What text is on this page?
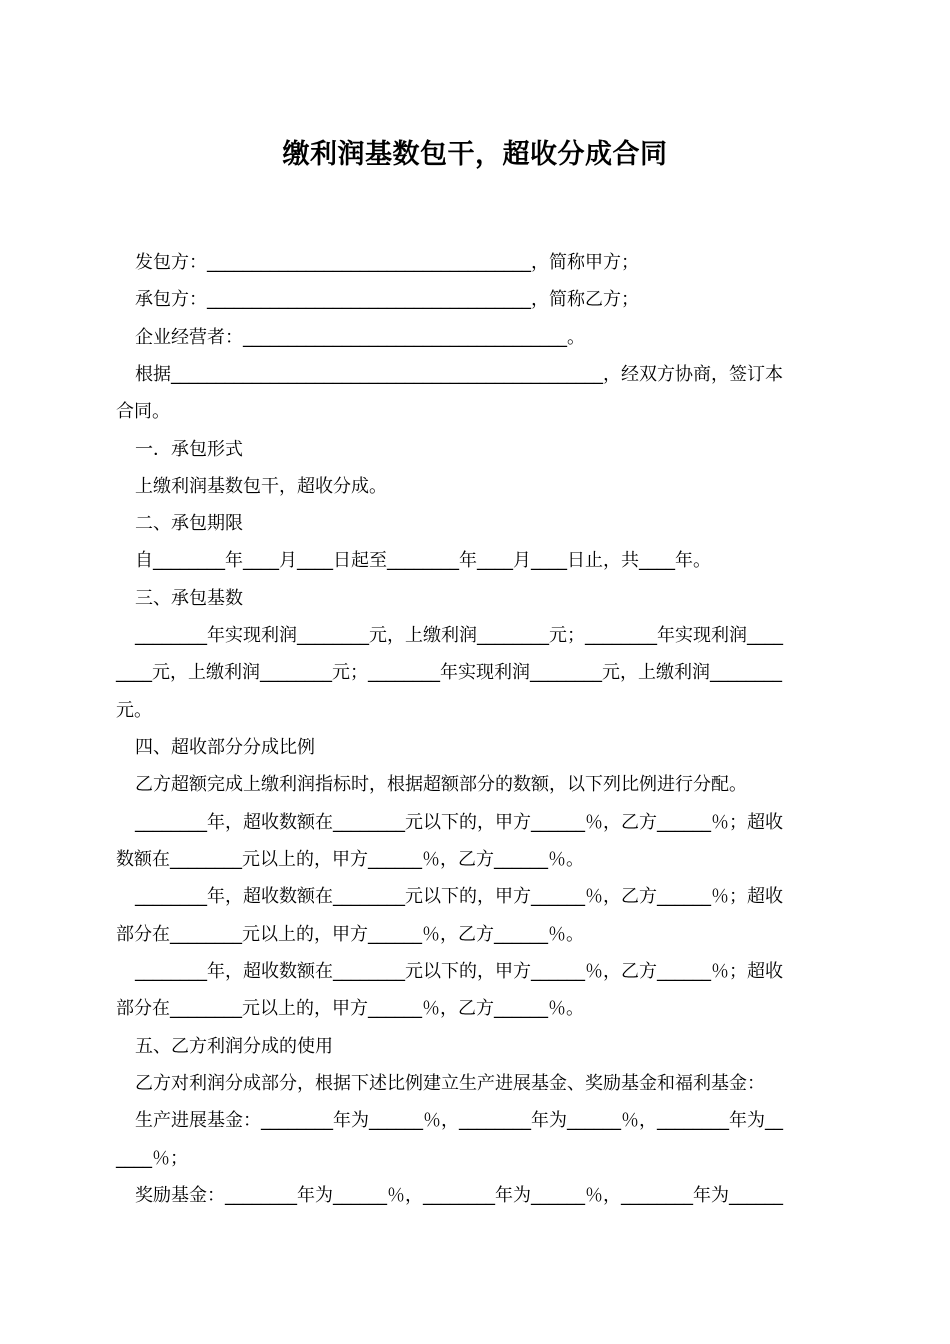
缴利润基数包干，超收分成合同
发包方：____________________________________，简称甲方；
承包方：____________________________________，简称乙方；
企业经营者：____________________________________。
根据________________________________________________，经双方协商，签订本
合同。
一．承包形式
上缴利润基数包干，超收分成。
二、承包期限
自________年____月____日起至________年____月____日止，共____年。
三、承包基数
________年实现利润________元，上缴利润________元；________年实现利润____
____元，上缴利润________元；________年实现利润________元，上缴利润________
元。
四、超收部分分成比例
乙方超额完成上缴利润指标时，根据超额部分的数额，以下列比例进行分配。
________年，超收数额在________元以下的，甲方______％，乙方______％；超收
数额在________元以上的，甲方______％，乙方______％。
________年，超收数额在________元以下的，甲方______％，乙方______％；超收
部分在________元以上的，甲方______％，乙方______％。
________年，超收数额在________元以下的，甲方______％，乙方______％；超收
部分在________元以上的，甲方______％，乙方______％。
五、乙方利润分成的使用
乙方对利润分成部分，根据下述比例建立生产进展基金、奖励基金和福利基金：
生产进展基金：________年为______％，________年为______％，________年为__
____％；
奖励基金：________年为______％，________年为______％，________年为______
